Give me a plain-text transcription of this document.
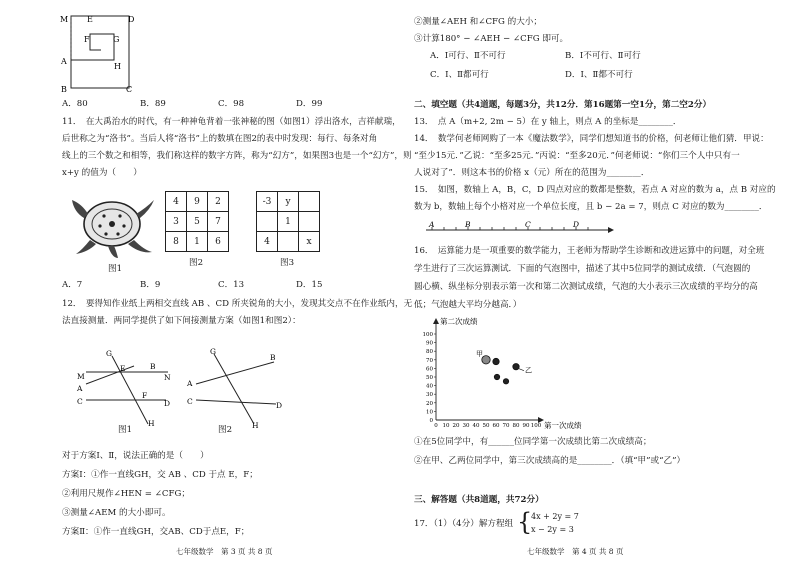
M E	D
F	G
A
H
B	C
A．80	B．89	C．98	D．99
11．　在大禹治水的时代，有一种神龟背着一张神秘的图（如图1）浮出洛水，吉祥献瑞，
后世称之为“洛书”。当后人将“洛书”上的数填在图2的表中时发现：每行、每条对角
线上的三个数之和相等，我们称这样的数字方阵，称为“幻方”，如果图3也是一个“幻方”，则
x+y 的值为（　　）
图1
4	9	2
3	5	7
8	1	6
图2
-3	y	
	1	
4		x
图3
A．7	B．9	C．13	D．15
12．　要得知作业纸上两相交直线 AB 、CD 所夹锐角的大小，发现其交点不在作业纸内，无
法直接测量．两同学提供了如下间接测量方案（如图1和图2）：
G
E
M
B
N
A
C
F
D
H
图1
G
B
A
C	D
H
图2
对于方案Ⅰ、Ⅱ，说法正确的是（　　）
方案Ⅰ：①作一直线GH，交 AB 、CD 于点 E，F；
②利用尺规作∠HEN = ∠CFG；
③测量∠AEM 的大小即可。
方案Ⅱ：①作一直线GH，交AB、CD于点E，F；
七年级数学　第 3 页 共 8 页
②测量∠AEH 和∠CFG 的大小；
③计算180° − ∠AEH − ∠CFG 即可。
A．Ⅰ可行、Ⅱ不可行	B．Ⅰ不可行、Ⅱ可行
C．Ⅰ、Ⅱ都可行	D．Ⅰ、Ⅱ都不可行
二、填空题（共4道题，每题3分，共12分．第16题第一空1分，第二空2分）
13．　点 A（m+2, 2m − 5）在 y 轴上，则点 A 的坐标是________．
14．　数学何老师网购了一本《魔法数学》，同学们想知道书的价格，何老师让他们猜．甲说：
“至少15元．”乙说：“至多25元．”丙说：“至多20元．”何老师说：“你们三个人中只有一
人说对了”．则这本书的价格 x（元）所在的范围为________．
15．　如图，数轴上 A，B，C，D 四点对应的数都是整数，若点 A 对应的数为 a，点 B 对应的
数为 b，数轴上每个小格对应一个单位长度，且 b − 2a = 7，则点 C 对应的数为________．
A	B	C	D
16．　运算能力是一项重要的数学能力，王老师为帮助学生诊断和改进运算中的问题，对全班
学生进行了三次运算测试．下面的气泡图中，描述了其中5位同学的测试成绩．（气泡圆的
圆心横、纵坐标分别表示第一次和第二次测试成绩，气泡的大小表示三次成绩的平均分的高
低；气泡越大平均分越高．）
第二次成绩
第一次成绩
0
10
20
30
40
50
60
70
80
90
100
0 10 20 30 40 50 60 70 80 90 100
甲
乙
①在5位同学中，有______位同学第一次成绩比第二次成绩高；
②在甲、乙两位同学中，第三次成绩高的是________．（填“甲”或“乙”）
三、解答题（共8道题，共72分）
17．（1）（4分）解方程组 {
4x + 2y = 7
x − 2y = 3
七年级数学　第 4 页 共 8 页
